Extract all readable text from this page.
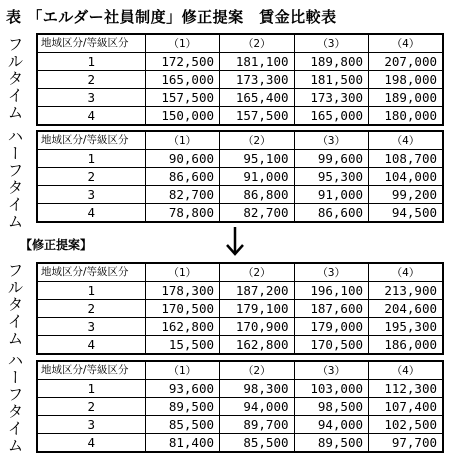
表 「エルダー社員制度」修正提案　賃金比較表
フルタイム
ハーフタイム
フルタイム
ハーフタイム
地域区分/等級区分	（1）	（2）	（3）	（4）
1	172,500	181,100	189,800	207,000
2	165,000	173,300	181,500	198,000
3	157,500	165,400	173,300	189,000
4	150,000	157,500	165,000	180,000
地域区分/等級区分	（1）	（2）	（3）	（4）
1	90,600	95,100	99,600	108,700
2	86,600	91,000	95,300	104,000
3	82,700	86,800	91,000	99,200
4	78,800	82,700	86,600	94,500
【修正提案】
地域区分/等級区分	（1）	（2）	（3）	（4）
1	178,300	187,200	196,100	213,900
2	170,500	179,100	187,600	204,600
3	162,800	170,900	179,000	195,300
4	15,500	162,800	170,500	186,000
地域区分/等級区分	（1）	（2）	（3）	（4）
1	93,600	98,300	103,000	112,300
2	89,500	94,000	98,500	107,400
3	85,500	89,700	94,000	102,500
4	81,400	85,500	89,500	97,700
